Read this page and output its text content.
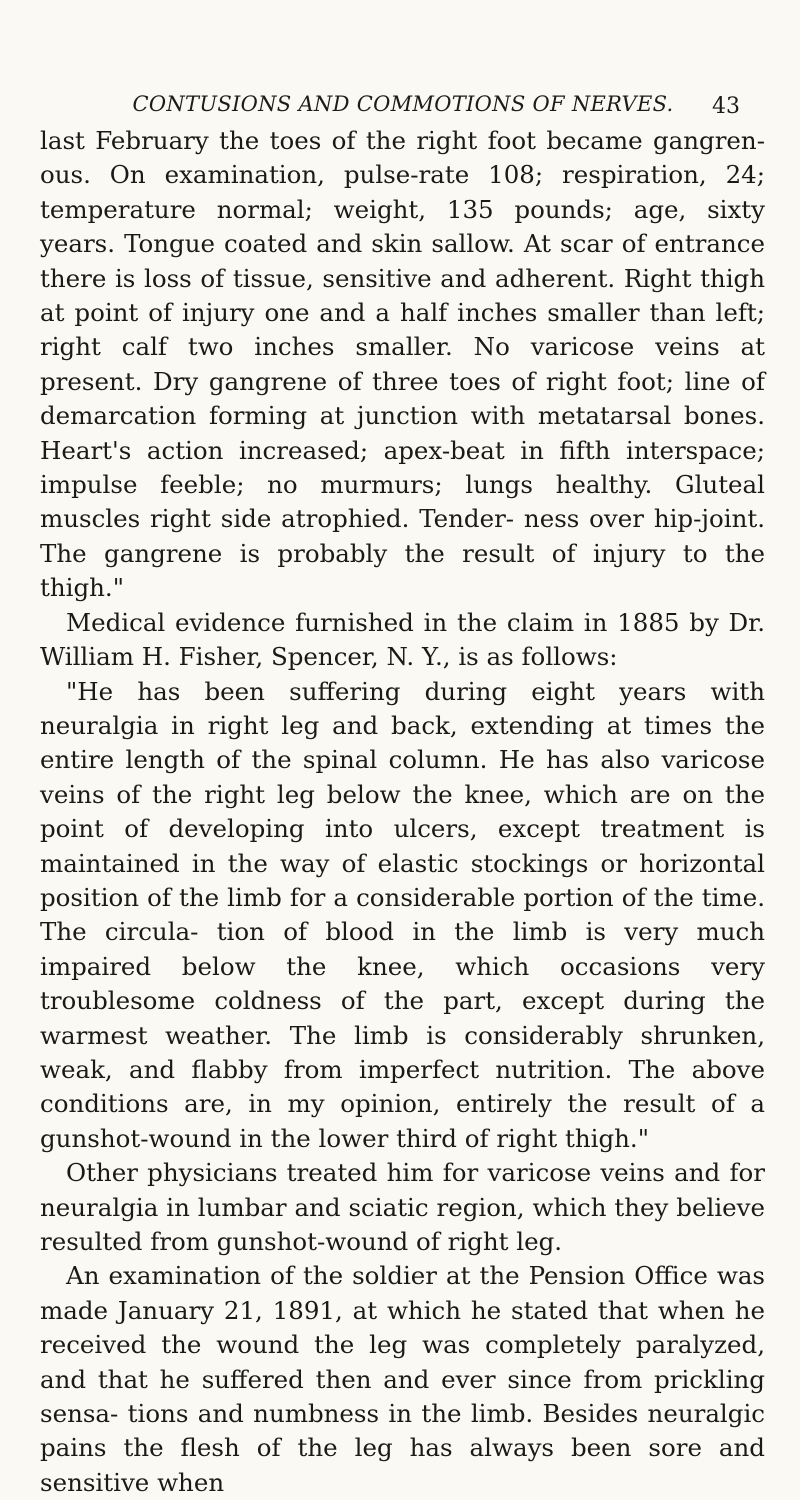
CONTUSIONS AND COMMOTIONS OF NERVES.	43

last February the toes of the right foot became gangren- ous. On examination, pulse-rate 108; respiration, 24; temperature normal; weight, 135 pounds; age, sixty years. Tongue coated and skin sallow. At scar of entrance there is loss of tissue, sensitive and adherent. Right thigh at point of injury one and a half inches smaller than left; right calf two inches smaller. No varicose veins at present. Dry gangrene of three toes of right foot; line of demarcation forming at junction with metatarsal bones. Heart's action increased; apex-beat in fifth interspace; impulse feeble; no murmurs; lungs healthy. Gluteal muscles right side atrophied. Tender- ness over hip-joint. The gangrene is probably the result of injury to the thigh."

Medical evidence furnished in the claim in 1885 by Dr. William H. Fisher, Spencer, N. Y., is as follows:

"He has been suffering during eight years with neuralgia in right leg and back, extending at times the entire length of the spinal column. He has also varicose veins of the right leg below the knee, which are on the point of developing into ulcers, except treatment is maintained in the way of elastic stockings or horizontal position of the limb for a considerable portion of the time. The circula- tion of blood in the limb is very much impaired below the knee, which occasions very troublesome coldness of the part, except during the warmest weather. The limb is considerably shrunken, weak, and flabby from imperfect nutrition. The above conditions are, in my opinion, entirely the result of a gunshot-wound in the lower third of right thigh."

Other physicians treated him for varicose veins and for neuralgia in lumbar and sciatic region, which they believe resulted from gunshot-wound of right leg.

An examination of the soldier at the Pension Office was made January 21, 1891, at which he stated that when he received the wound the leg was completely paralyzed, and that he suffered then and ever since from prickling sensa- tions and numbness in the limb. Besides neuralgic pains the flesh of the leg has always been sore and sensitive when
